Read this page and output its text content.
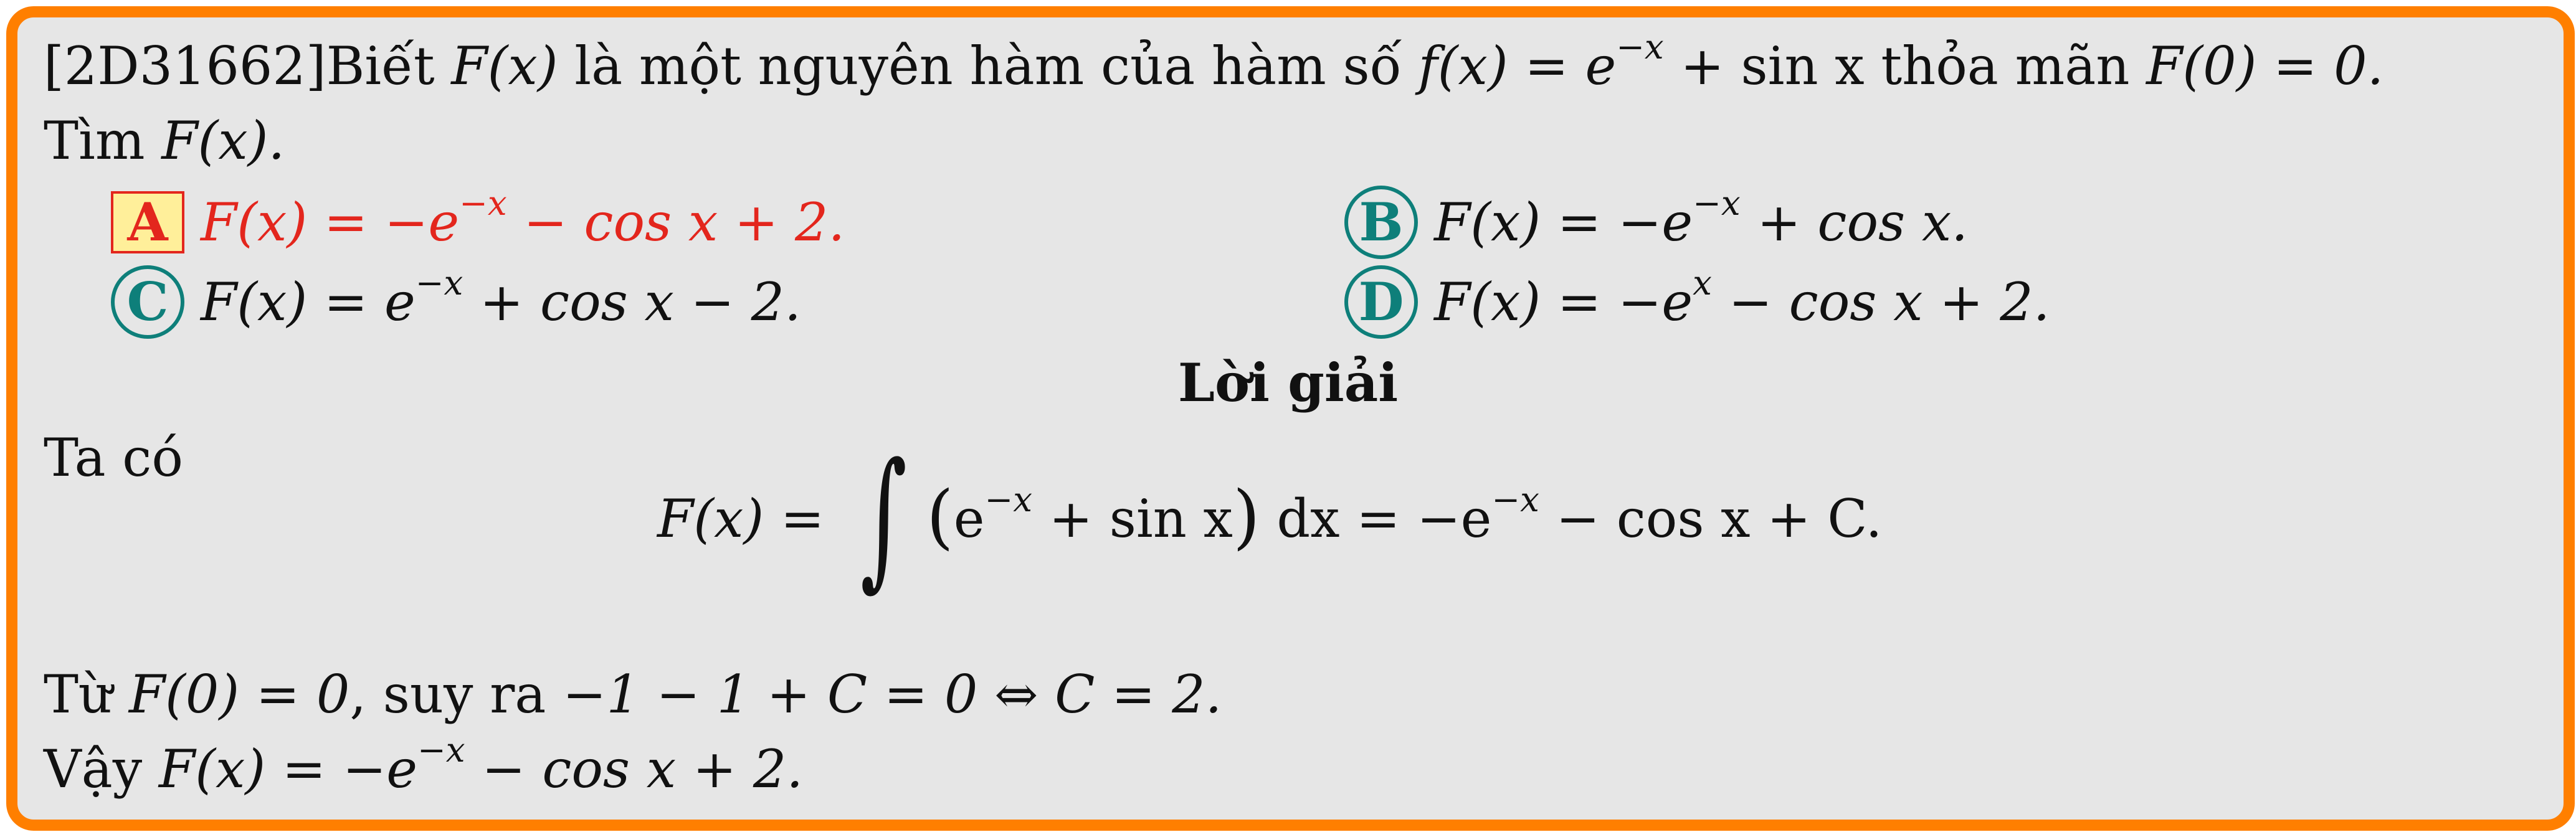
[2D31662]Biết F(x) là một nguyên hàm của hàm số $f(x) = e^{-x} + \sin x$ thỏa mãn F(0) = 0.
Tìm F(x).
A $F(x) = -e^{-x} - \cos x + 2$.	B $F(x) = -e^{-x} + \cos x$.
C $F(x) = e^{-x} + \cos x - 2$.	D $F(x) = -e^x - \cos x + 2$.
Lời giải
Ta có
F(x) = ∫ $(e^{-x} + \sin x)$ dx = $-e^{-x} - \cos x + C$.
Từ F(0) = 0, suy ra −1 − 1 + C = 0 ⇔ C = 2.
Vậy $F(x) = -e^{-x} - \cos x + 2$.
